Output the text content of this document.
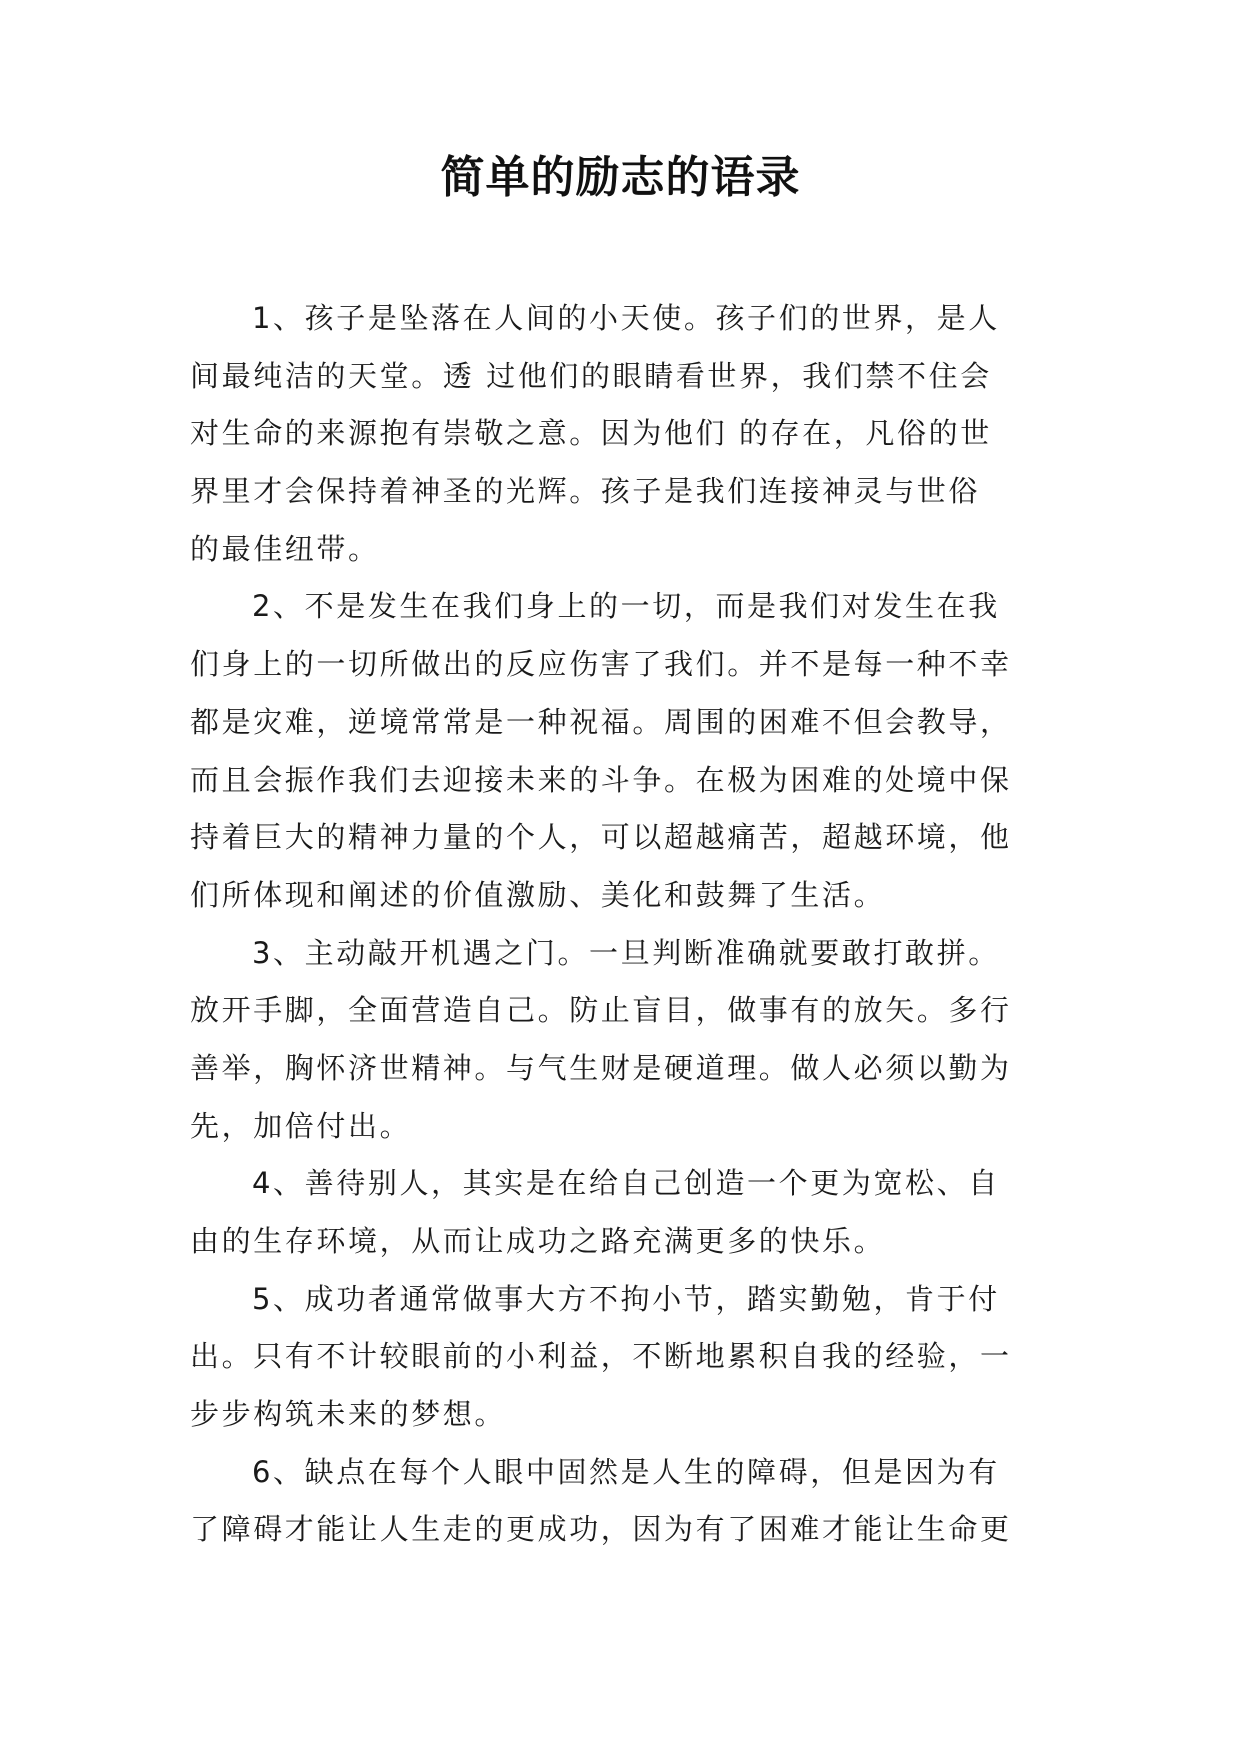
简单的励志的语录
1、孩子是坠落在人间的小天使。孩子们的世界，是人
间最纯洁的天堂。透 过他们的眼睛看世界，我们禁不住会
对生命的来源抱有崇敬之意。因为他们 的存在，凡俗的世
界里才会保持着神圣的光辉。孩子是我们连接神灵与世俗
的最佳纽带。
2、不是发生在我们身上的一切，而是我们对发生在我
们身上的一切所做出的反应伤害了我们。并不是每一种不幸
都是灾难，逆境常常是一种祝福。周围的困难不但会教导，
而且会振作我们去迎接未来的斗争。在极为困难的处境中保
持着巨大的精神力量的个人，可以超越痛苦，超越环境，他
们所体现和阐述的价值激励、美化和鼓舞了生活。
3、主动敲开机遇之门。一旦判断准确就要敢打敢拼。
放开手脚，全面营造自己。防止盲目，做事有的放矢。多行
善举，胸怀济世精神。与气生财是硬道理。做人必须以勤为
先，加倍付出。
4、善待别人，其实是在给自己创造一个更为宽松、自
由的生存环境，从而让成功之路充满更多的快乐。
5、成功者通常做事大方不拘小节，踏实勤勉，肯于付
出。只有不计较眼前的小利益，不断地累积自我的经验，一
步步构筑未来的梦想。
6、缺点在每个人眼中固然是人生的障碍，但是因为有
了障碍才能让人生走的更成功，因为有了困难才能让生命更
